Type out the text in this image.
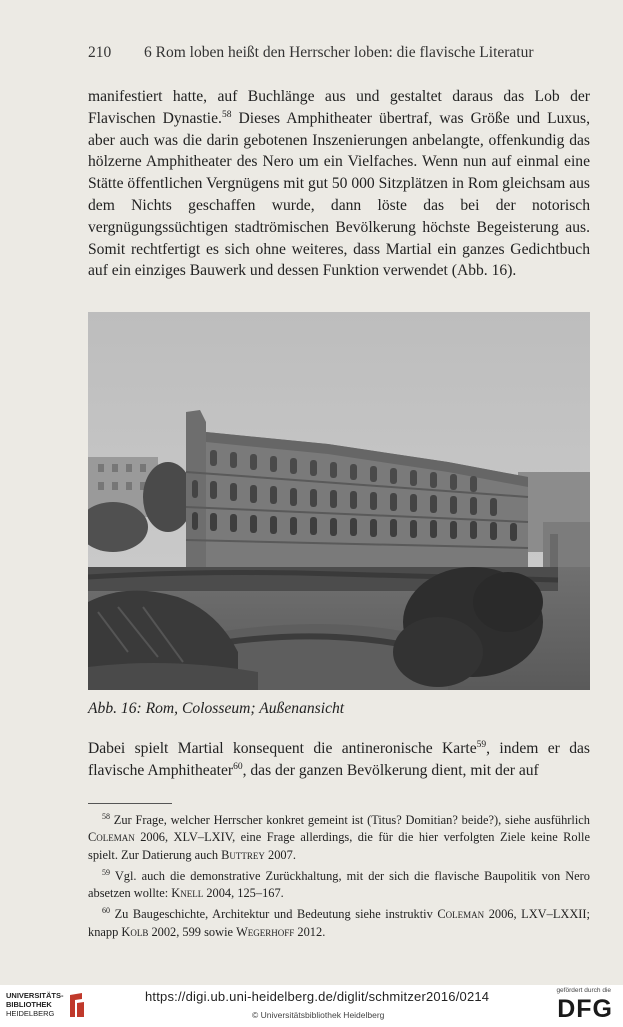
210 6 Rom loben heißt den Herrscher loben: die flavische Literatur

manifestiert hatte, auf Buchlänge aus und gestaltet daraus das Lob der Flavischen Dynastie.$^{58}$ Dieses Amphitheater übertraf, was Größe und Luxus, aber auch was die darin gebotenen Inszenierungen anbelangte, offenkundig das hölzerne Amphitheater des Nero um ein Vielfaches. Wenn nun auf einmal eine Stätte öffentlichen Vergnügens mit gut 50 000 Sitzplätzen in Rom gleichsam aus dem Nichts geschaffen wurde, dann löste das bei der notorisch vergnügungssüchtigen stadtrömischen Bevölkerung höchste Begeisterung aus. Somit rechtfertigt es sich ohne weiteres, dass Martial ein ganzes Gedichtbuch auf ein einziges Bauwerk und dessen Funktion verwendet (Abb. 16).

Abb. 16: Rom, Colosseum; Außenansicht

Dabei spielt Martial konsequent die antineronische Karte$^{59}$, indem er das flavische Amphitheater$^{60}$, das der ganzen Bevölkerung dient, mit der auf

$^{58}$ Zur Frage, welcher Herrscher konkret gemeint ist (Titus? Domitian? beide?), siehe ausführlich Coleman 2006, XLV–LXIV, eine Frage allerdings, die für die hier verfolgten Ziele keine Rolle spielt. Zur Datierung auch Buttrey 2007.

$^{59}$ Vgl. auch die demonstrative Zurückhaltung, mit der sich die flavische Baupolitik von Nero absetzen wollte: Knell 2004, 125–167.

$^{60}$ Zu Baugeschichte, Architektur und Bedeutung siehe instruktiv Coleman 2006, LXV–LXXII; knapp Kolb 2002, 599 sowie Wegerhoff 2012.

UNIVERSITÄTS-
BIBLIOTHEK
HEIDELBERG
https://digi.ub.uni-heidelberg.de/diglit/schmitzer2016/0214
© Universitätsbibliothek Heidelberg
gefördert durch die
DFG
